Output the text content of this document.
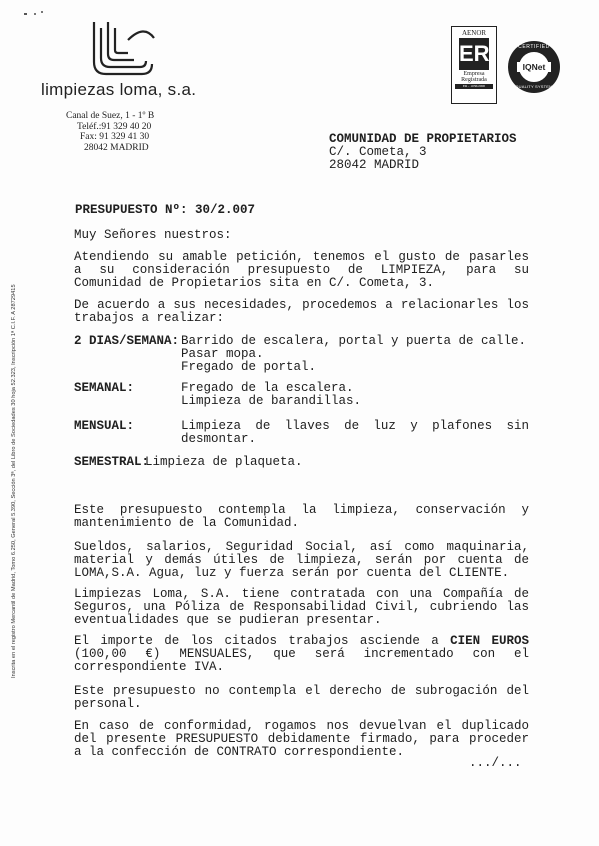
limpiezas loma, s.a.
Canal de Suez, 1 - 1º B
Teléf.:91 329 40 20
Fax: 91 329 41 30
28042 MADRID
AENOR
ER
Empresa
Registrada
ER - 1036/2000
CERTIFIED
IQNet
QUALITY SYSTEM
COMUNIDAD DE PROPIETARIOS
C/. Cometa, 3
28042 MADRID
PRESUPUESTO Nº: 30/2.007
Muy Señores nuestros:
Atendiendo su amable petición, tenemos el gusto de pasarles a su consideración presupuesto de LIMPIEZA, para su Comunidad de Propietarios sita en C/. Cometa, 3.
De acuerdo a sus necesidades, procedemos a relacionarles los trabajos a realizar:
2 DIAS/SEMANA: Barrido de escalera, portal y puerta de calle.
Pasar mopa.
Fregado de portal.
SEMANAL:	Fregado de la escalera.
Limpieza de barandillas.
MENSUAL:	Limpieza de llaves de luz y plafones sin
desmontar.
SEMESTRAL:
Limpieza de plaqueta.
Este presupuesto contempla la limpieza, conservación y mantenimiento de la Comunidad.
Sueldos, salarios, Seguridad Social, así como maquinaria, material y demás útiles de limpieza, serán por cuenta de LOMA,S.A. Agua, luz y fuerza serán por cuenta del CLIENTE.
Limpiezas Loma, S.A. tiene contratada con una Compañía de Seguros, una Póliza de Responsabilidad Civil, cubriendo las eventualidades que se pudieran presentar.
El importe de los citados trabajos asciende a CIEN EUROS (100,00 €) MENSUALES, que será incrementado con el correspondiente IVA.
Este presupuesto no contempla el derecho de subrogación del personal.
En caso de conformidad, rogamos nos devuelvan el duplicado del presente PRESUPUESTO debidamente firmado, para proceder a la confección de CONTRATO correspondiente.
.../...
Inscrita en el registro Mercantil de Madrid, Tomo 6.250, General 5.390, Sección 3ª, del Libro de Sociedades 30 hoja 52.323, Inscripción 1ª C.I.F. A 28729415
